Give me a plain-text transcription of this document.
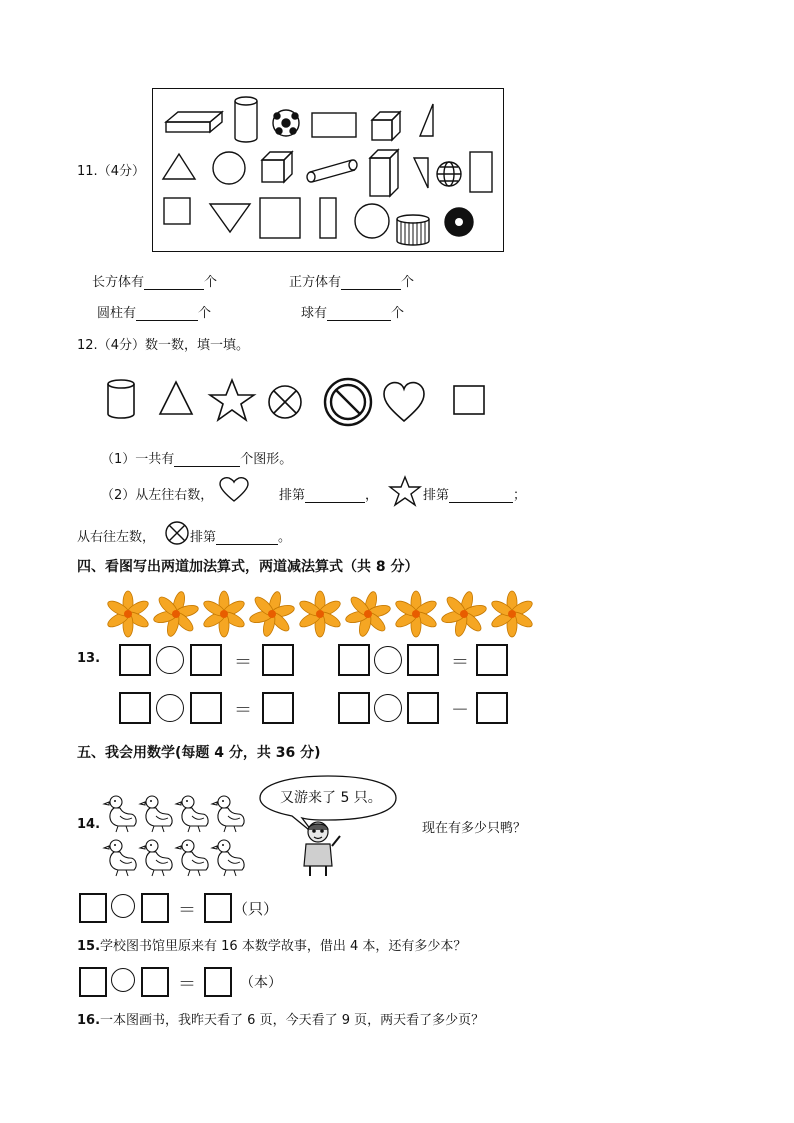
11.（4分）
长方体有	个	正方体有	个
圆柱有	个	球有	个
12.（4分）数一数，填一填。
（1）一共有	个图形。
（2）从左往右数，	排第	，	排第	；
从右往左数，	排第	。
四、看图写出两道加法算式，两道减法算式（共 8 分）
13.	＝	＝
＝	－
五、我会用数学(每题 4 分，共 36 分)
14.
又游来了 5 只。
现在有多少只鸭？
＝ （只）
15.学校图书馆里原来有 16 本数学故事，借出 4 本，还有多少本？
＝	（本）
16.一本图画书，我昨天看了 6 页，今天看了 9 页，两天看了多少页？
